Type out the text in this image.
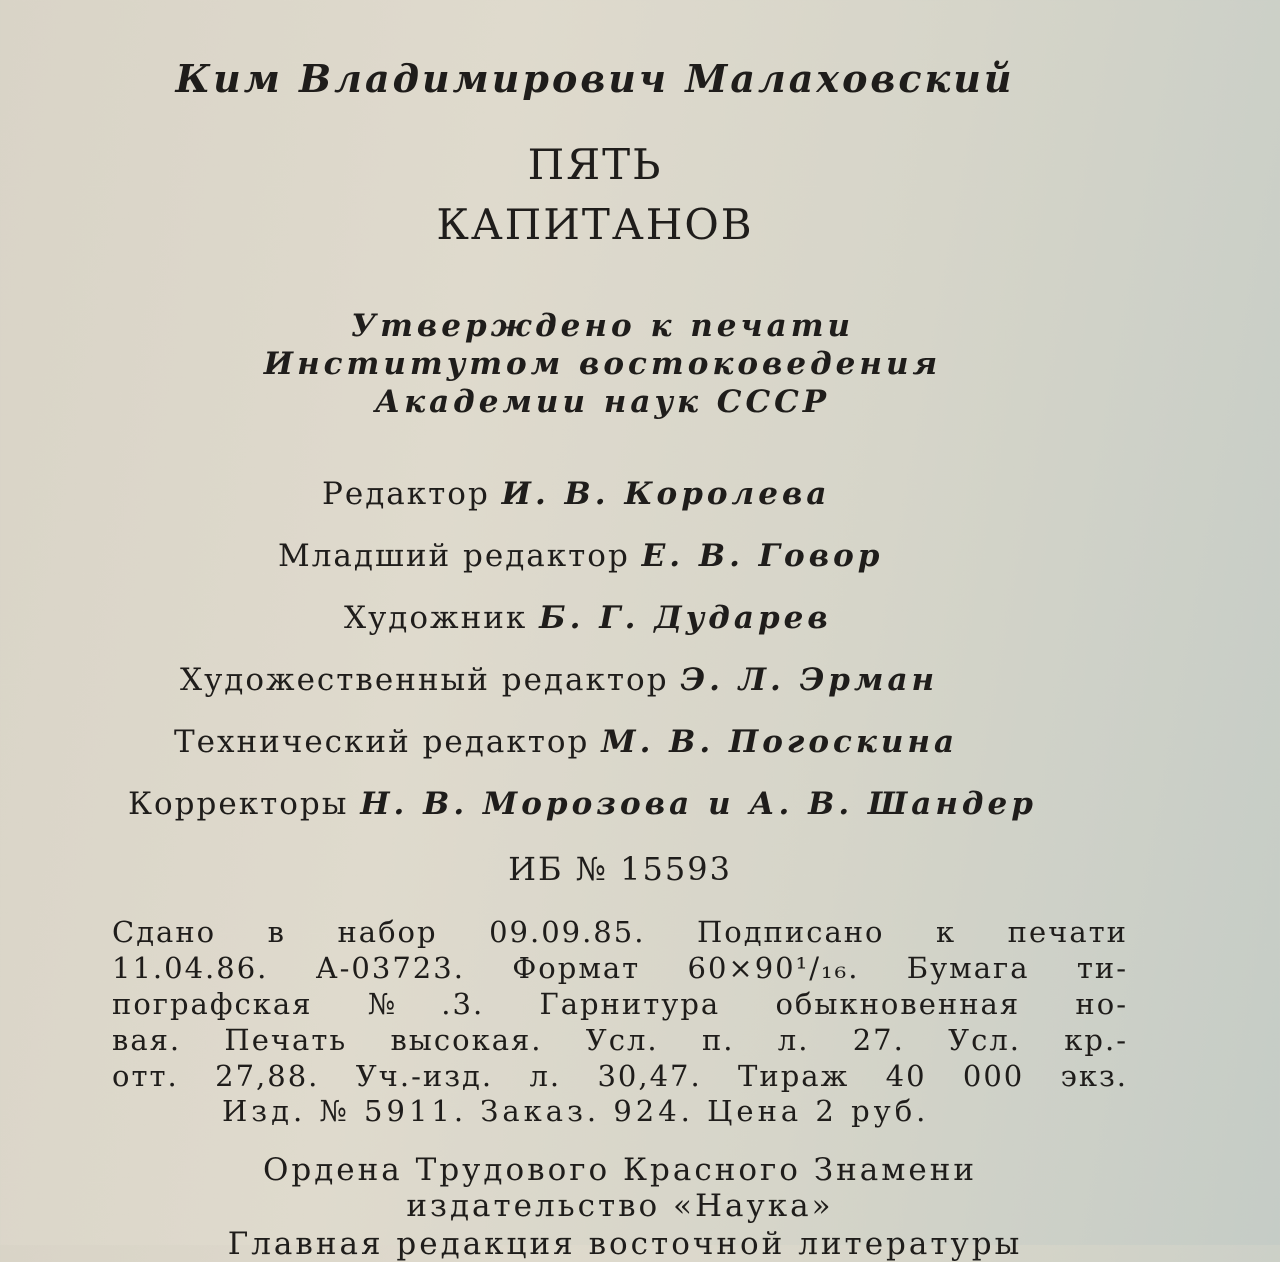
Ким Владимирович Малаховский
ПЯТЬ
КАПИТАНОВ
Утверждено к печати
Институтом востоковедения
Академии наук СССР
Редактор И. В. Королева
Младший редактор Е. В. Говор
Художник Б. Г. Дударев
Художественный редактор Э. Л. Эрман
Технический редактор М. В. Погоскина
Корректоры Н. В. Морозова и А. В. Шандер
ИБ № 15593
Сдано в набор 09.09.85. Подписано к печати
11.04.86. А-03723. Формат 60×90¹/₁₆. Бумага ти-
пографская №.3. Гарнитура обыкновенная но-
вая. Печать высокая. Усл. п. л. 27. Усл. кр.-
отт. 27,88. Уч.-изд. л. 30,47. Тираж 40 000 экз.
Изд. № 5911. Заказ. 924. Цена 2 руб.
Ордена Трудового Красного Знамени
издательство «Наука»
Главная редакция восточной литературы
